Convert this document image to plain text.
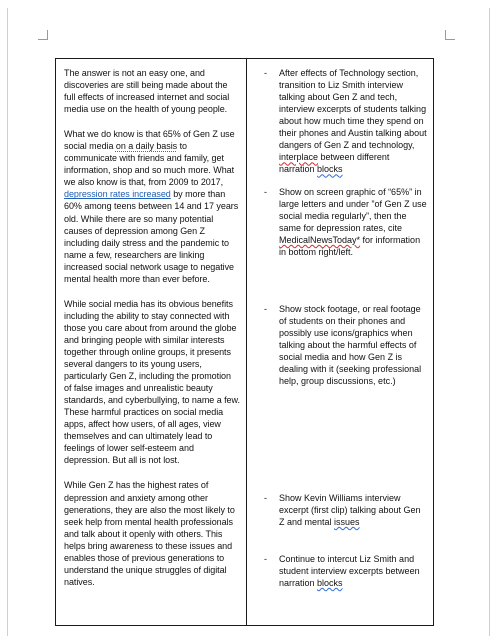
The answer is not an easy one, and discoveries are still being made about the full effects of increased internet and social media use on the health of young people.

What we do know is that 65% of Gen Z use social media on a daily basis to communicate with friends and family, get information, shop and so much more. What we also know is that, from 2009 to 2017, depression rates increased by more than 60% among teens between 14 and 17 years old. While there are so many potential causes of depression among Gen Z including daily stress and the pandemic to name a few, researchers are linking increased social network usage to negative mental health more than ever before.

While social media has its obvious benefits including the ability to stay connected with those you care about from around the globe and bringing people with similar interests together through online groups, it presents several dangers to its young users, particularly Gen Z, including the promotion of false images and unrealistic beauty standards, and cyberbullying, to name a few. These harmful practices on social media apps, affect how users, of all ages, view themselves and can ultimately lead to feelings of lower self-esteem and depression. But all is not lost.

While Gen Z has the highest rates of depression and anxiety among other generations, they are also the most likely to seek help from mental health professionals and talk about it openly with others. This helps bring awareness to these issues and enables those of previous generations to understand the unique struggles of digital natives.

- After effects of Technology section, transition to Liz Smith interview talking about Gen Z and tech, interview excerpts of students talking about how much time they spend on their phones and Austin talking about dangers of Gen Z and technology, interplace between different narration blocks
- Show on screen graphic of “65%” in large letters and under ”of Gen Z use social media regularly”, then the same for depression rates, cite MedicalNewsToday* for information in bottom right/left.
- Show stock footage, or real footage of students on their phones and possibly use icons/graphics when talking about the harmful effects of social media and how Gen Z is dealing with it (seeking professional help, group discussions, etc.)
- Show Kevin Williams interview excerpt (first clip) talking about Gen Z and mental issues
- Continue to intercut Liz Smith and student interview excerpts between narration blocks
